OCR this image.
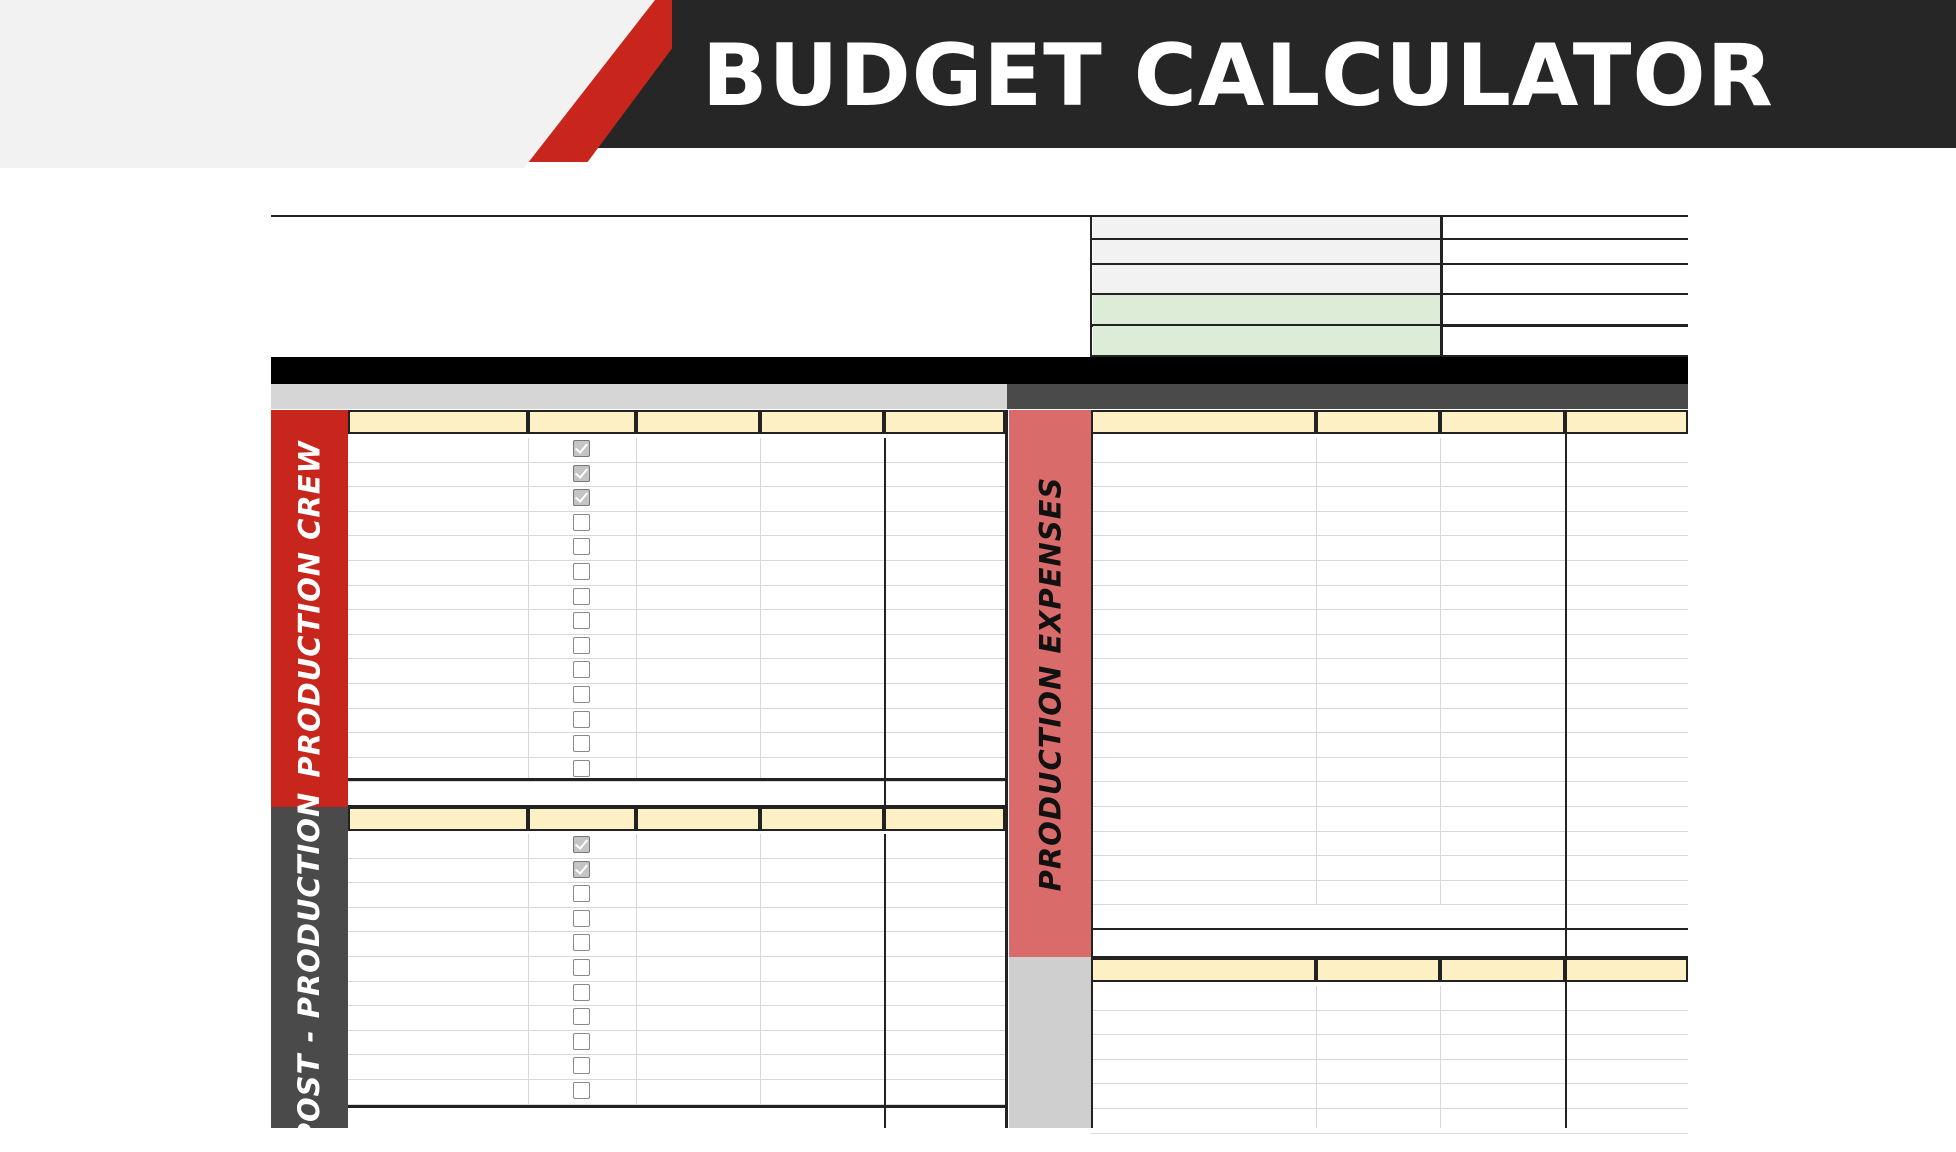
BUDGET CALCULATOR
PRODUCTION CREW
POST - PRODUCTION
PRODUCTION EXPENSES
